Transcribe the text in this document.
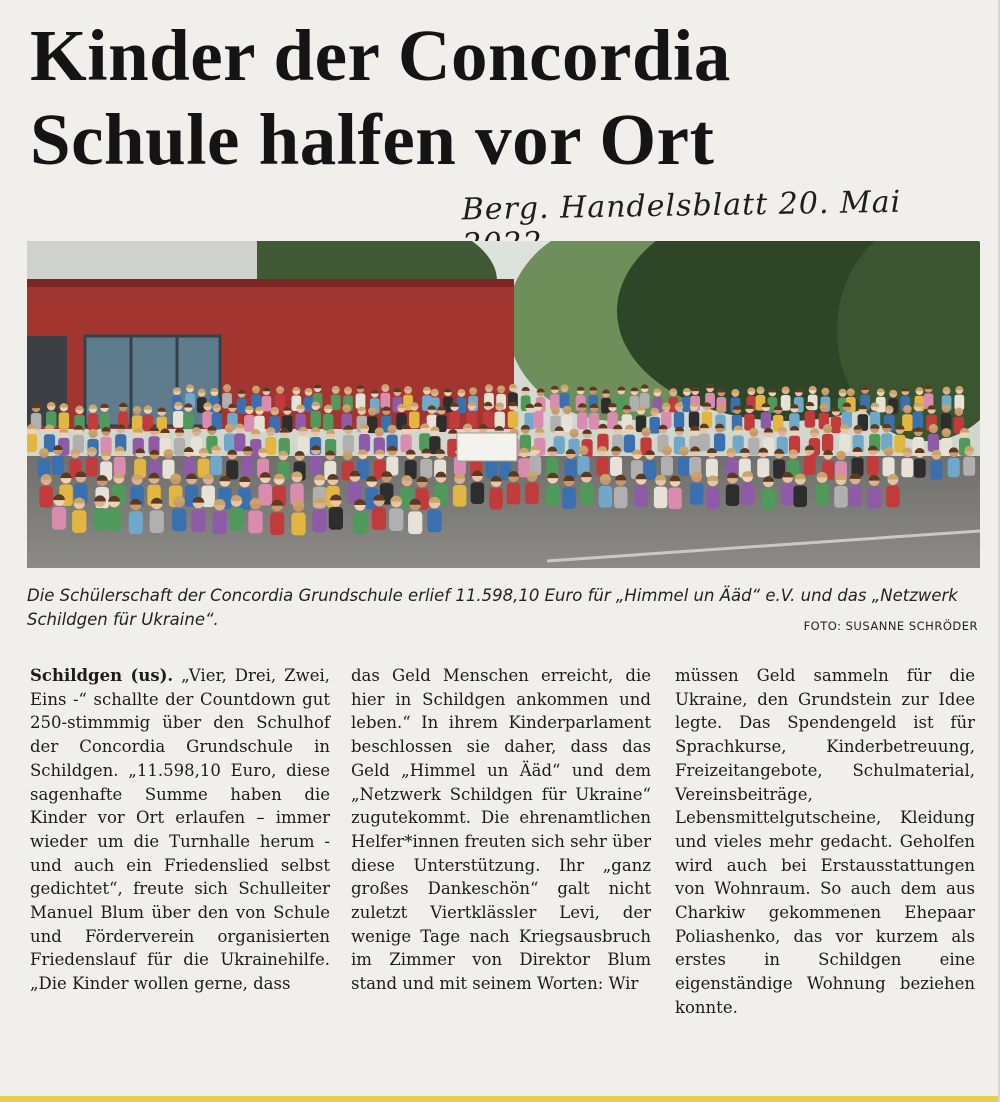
Kinder der Concordia
Schule halfen vor Ort
Berg. Handelsblatt 20. Mai
Die Schülerschaft der Concordia Grundschule erlief 11.598,10 Euro für „Himmel un Ääd“ e.V. und das „Netzwerk Schildgen für Ukraine“.	FOTO: SUSANNE SCHRÖDER

Schildgen (us). „Vier, Drei, Zwei, Eins -“ schallte der Countdown gut 250-stimmmig über den Schulhof der Concordia Grundschule in Schildgen. „11.598,10 Euro, diese sagenhafte Summe haben die Kinder vor Ort erlaufen – immer wieder um die Turnhalle herum - und auch ein Friedenslied selbst gedichtet“, freute sich Schulleiter Manuel Blum über den von Schule und Förderverein organisierten Friedenslauf für die Ukrainehilfe. „Die Kinder wollen gerne, dass

das Geld Menschen erreicht, die hier in Schildgen ankommen und leben.“ In ihrem Kinderparlament beschlossen sie daher, dass das Geld „Himmel un Ääd“ und dem „Netzwerk Schildgen für Ukraine“ zugutekommt. Die ehrenamtlichen Helfer*innen freuten sich sehr über diese Unterstützung. Ihr „ganz großes Dankeschön“ galt nicht zuletzt Viertklässler Levi, der wenige Tage nach Kriegsausbruch im Zimmer von Direktor Blum stand und mit seinem Worten: Wir

müssen Geld sammeln für die Ukraine, den Grundstein zur Idee legte. Das Spendengeld ist für Sprachkurse, Kinderbetreuung, Freizeitangebote, Schulmaterial, Vereinsbeiträge, Lebensmittelgutscheine, Kleidung und vieles mehr gedacht. Geholfen wird auch bei Erstausstattungen von Wohnraum. So auch dem aus Charkiw gekommenen Ehepaar Poliashenko, das vor kurzem als erstes in Schildgen eine eigenständige Wohnung beziehen konnte.
